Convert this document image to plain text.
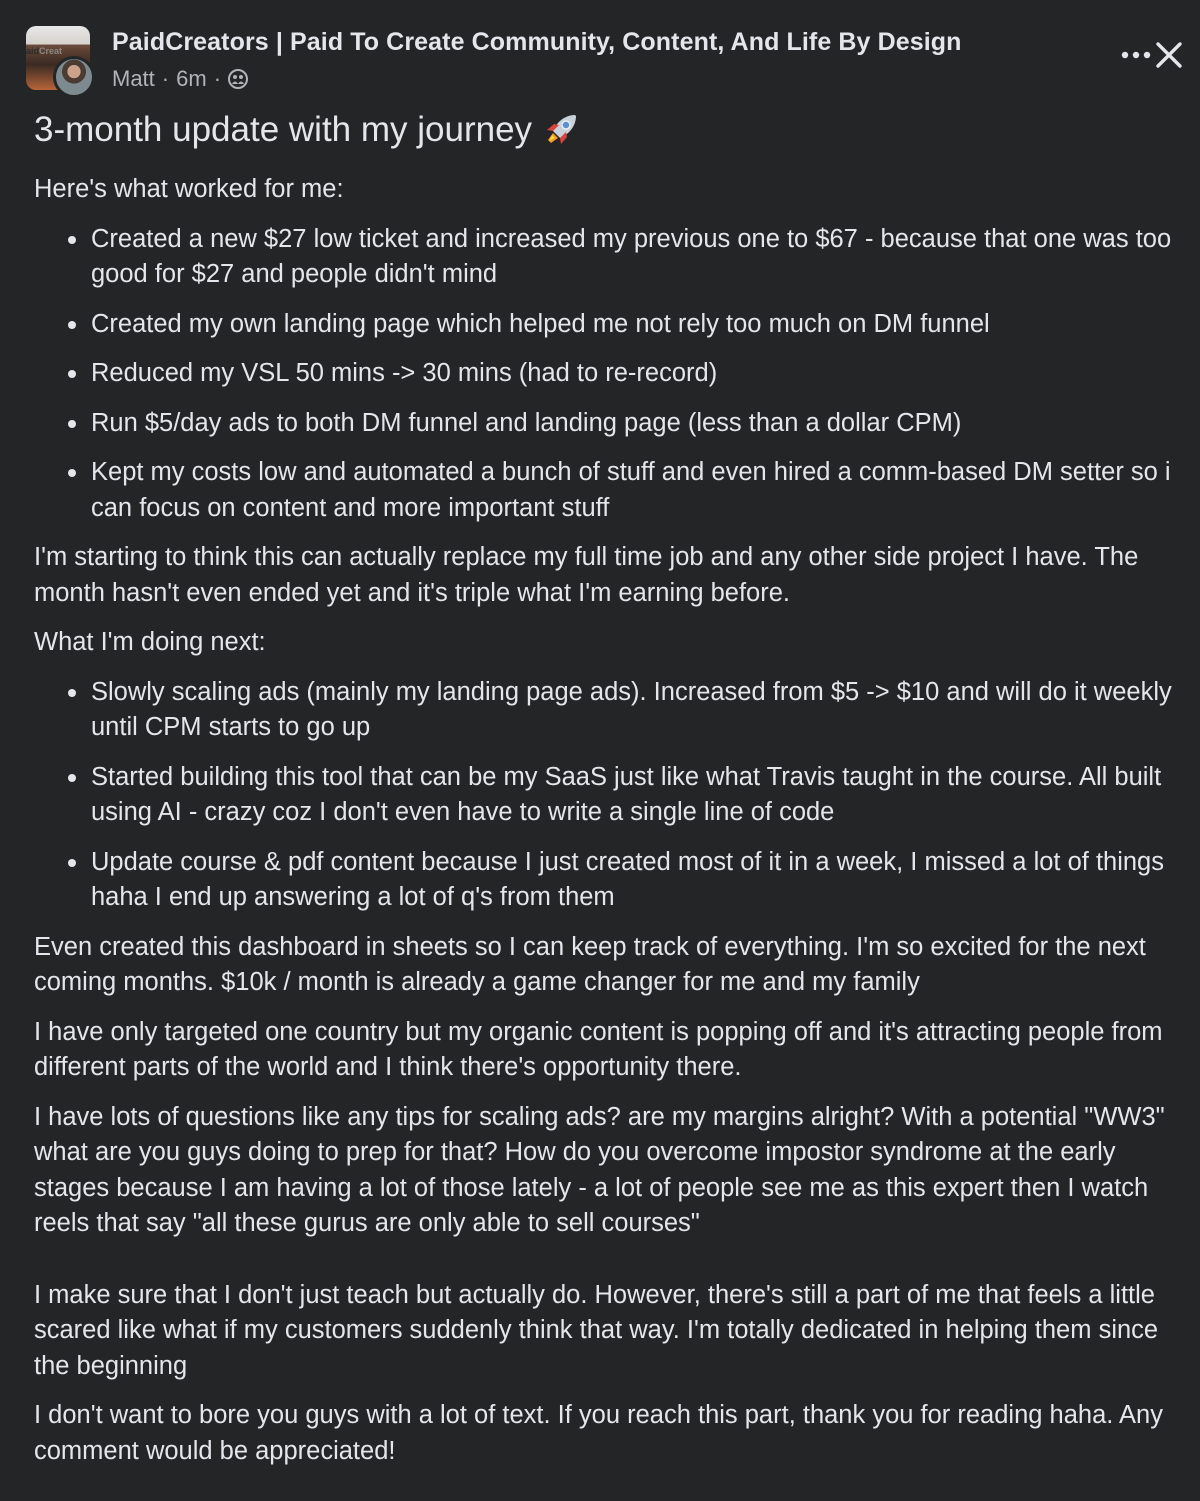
aidCreat	PaidCreators | Paid To Create Community, Content, And Life By Design
Matt · 6m ·
3-month update with my journey

Here's what worked for me:

Created a new $27 low ticket and increased my previous one to $67 - because that one was too good for $27 and people didn't mind
Created my own landing page which helped me not rely too much on DM funnel
Reduced my VSL 50 mins -> 30 mins (had to re-record)
Run $5/day ads to both DM funnel and landing page (less than a dollar CPM)
Kept my costs low and automated a bunch of stuff and even hired a comm-based DM setter so i can focus on content and more important stuff

I'm starting to think this can actually replace my full time job and any other side project I have. The month hasn't even ended yet and it's triple what I'm earning before.

What I'm doing next:

Slowly scaling ads (mainly my landing page ads). Increased from $5 -> $10 and will do it weekly until CPM starts to go up
Started building this tool that can be my SaaS just like what Travis taught in the course. All built using AI - crazy coz I don't even have to write a single line of code
Update course & pdf content because I just created most of it in a week, I missed a lot of things haha I end up answering a lot of q's from them

Even created this dashboard in sheets so I can keep track of everything. I'm so excited for the next coming months. $10k / month is already a game changer for me and my family

I have only targeted one country but my organic content is popping off and it's attracting people from different parts of the world and I think there's opportunity there.

I have lots of questions like any tips for scaling ads? are my margins alright? With a potential "WW3" what are you guys doing to prep for that? How do you overcome impostor syndrome at the early stages because I am having a lot of those lately - a lot of people see me as this expert then I watch reels that say "all these gurus are only able to sell courses"

I make sure that I don't just teach but actually do. However, there's still a part of me that feels a little scared like what if my customers suddenly think that way. I'm totally dedicated in helping them since the beginning

I don't want to bore you guys with a lot of text. If you reach this part, thank you for reading haha. Any comment would be appreciated!
